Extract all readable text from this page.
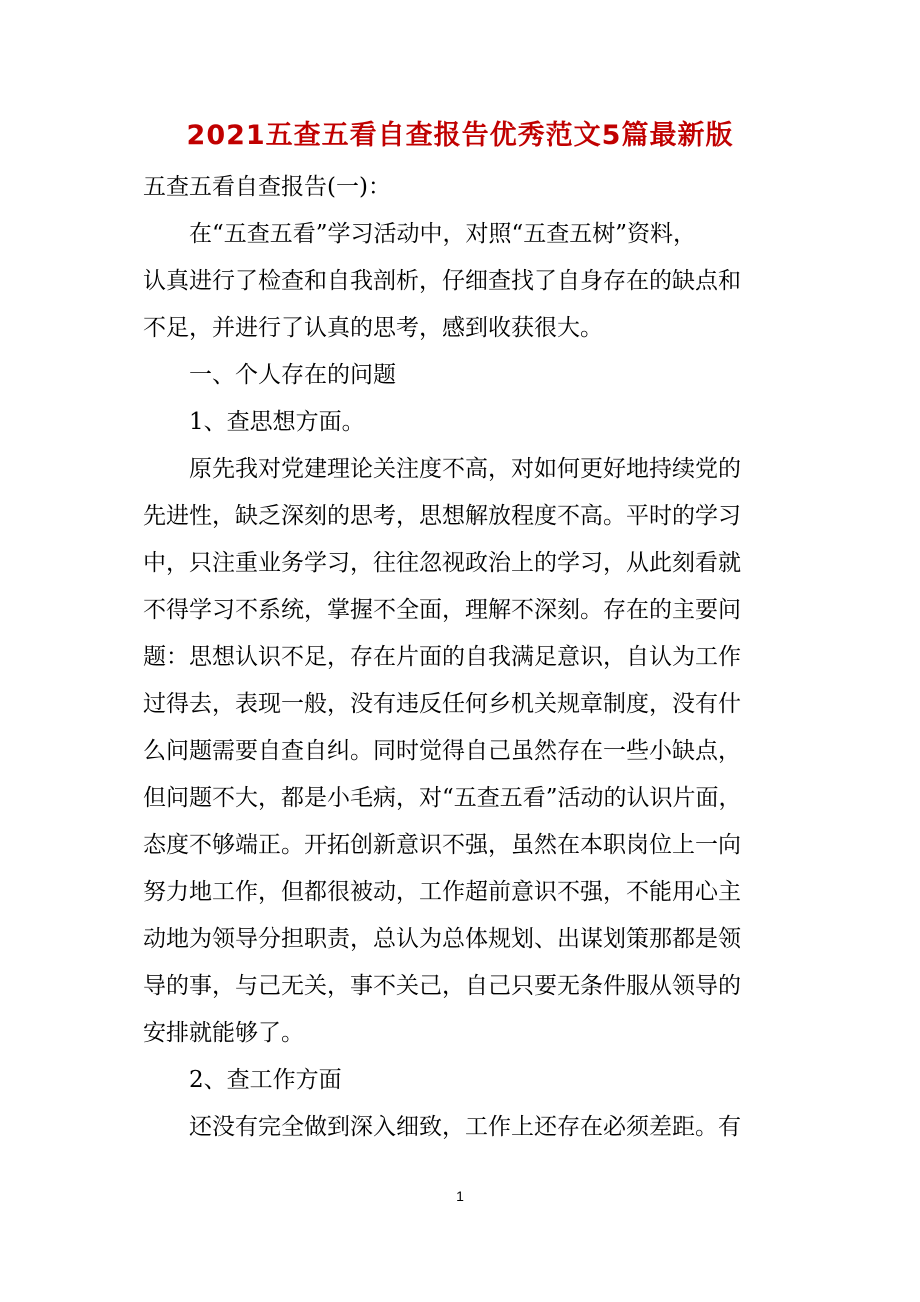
2021五查五看自查报告优秀范文5篇最新版

五查五看自查报告(一)：

在“五查五看”学习活动中，对照“五查五树”资料，

认真进行了检查和自我剖析，仔细查找了自身存在的缺点和

不足，并进行了认真的思考，感到收获很大。

一、个人存在的问题

1、查思想方面。

原先我对党建理论关注度不高，对如何更好地持续党的

先进性，缺乏深刻的思考，思想解放程度不高。平时的学习

中，只注重业务学习，往往忽视政治上的学习，从此刻看就

不得学习不系统，掌握不全面，理解不深刻。存在的主要问

题：思想认识不足，存在片面的自我满足意识，自认为工作

过得去，表现一般，没有违反任何乡机关规章制度，没有什

么问题需要自查自纠。同时觉得自己虽然存在一些小缺点，

但问题不大，都是小毛病，对“五查五看”活动的认识片面，

态度不够端正。开拓创新意识不强，虽然在本职岗位上一向

努力地工作，但都很被动，工作超前意识不强，不能用心主

动地为领导分担职责，总认为总体规划、出谋划策那都是领

导的事，与己无关，事不关己，自己只要无条件服从领导的

安排就能够了。

2、查工作方面

还没有完全做到深入细致，工作上还存在必须差距。有

1
